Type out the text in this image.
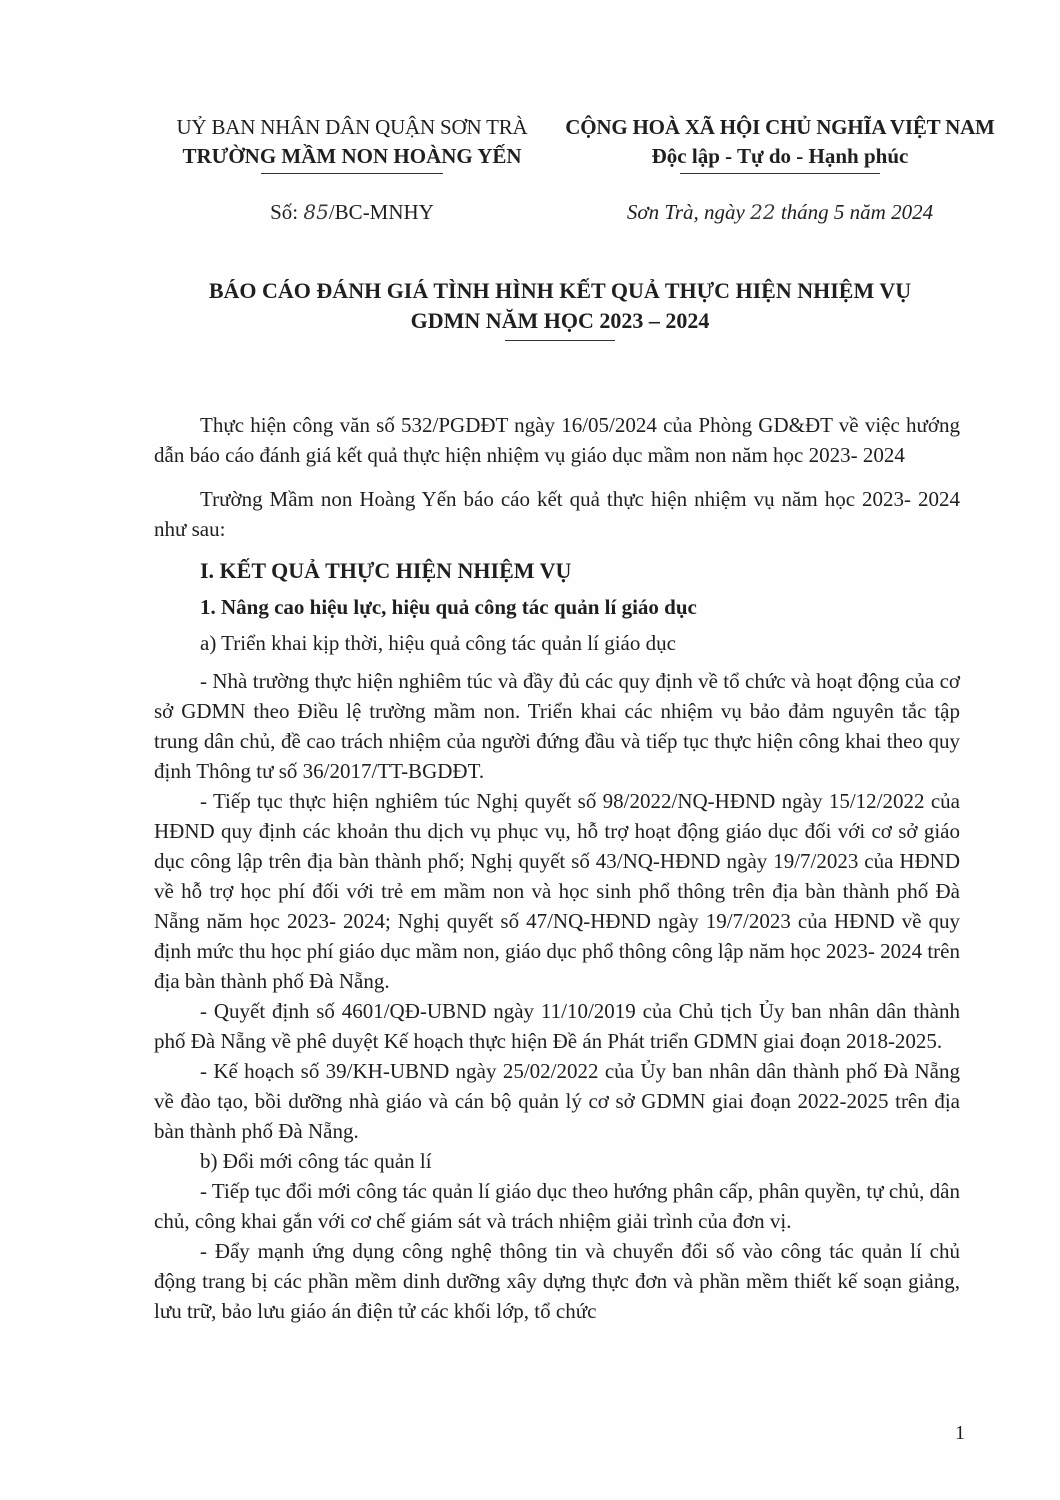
UỶ BAN NHÂN DÂN QUẬN SƠN TRÀ
TRƯỜNG MẦM NON HOÀNG YẾN
CỘNG HOÀ XÃ HỘI CHỦ NGHĨA VIỆT NAM
Độc lập - Tự do - Hạnh phúc
Số: 85/BC-MNHY	Sơn Trà, ngày 22 tháng 5 năm 2024
BÁO CÁO ĐÁNH GIÁ TÌNH HÌNH KẾT QUẢ THỰC HIỆN NHIỆM VỤ
GDMN NĂM HỌC 2023 – 2024

Thực hiện công văn số 532/PGDĐT ngày 16/05/2024 của Phòng GD&ĐT về việc hướng dẫn báo cáo đánh giá kết quả thực hiện nhiệm vụ giáo dục mầm non năm học 2023- 2024

Trường Mầm non Hoàng Yến báo cáo kết quả thực hiện nhiệm vụ năm học 2023- 2024 như sau:

I. KẾT QUẢ THỰC HIỆN NHIỆM VỤ

1. Nâng cao hiệu lực, hiệu quả công tác quản lí giáo dục

a) Triển khai kịp thời, hiệu quả công tác quản lí giáo dục

- Nhà trường thực hiện nghiêm túc và đầy đủ các quy định về tổ chức và hoạt động của cơ sở GDMN theo Điều lệ trường mầm non. Triển khai các nhiệm vụ bảo đảm nguyên tắc tập trung dân chủ, đề cao trách nhiệm của người đứng đầu và tiếp tục thực hiện công khai theo quy định Thông tư số 36/2017/TT-BGDĐT.

- Tiếp tục thực hiện nghiêm túc Nghị quyết số 98/2022/NQ-HĐND ngày 15/12/2022 của HĐND quy định các khoản thu dịch vụ phục vụ, hỗ trợ hoạt động giáo dục đối với cơ sở giáo dục công lập trên địa bàn thành phố; Nghị quyết số 43/NQ-HĐND ngày 19/7/2023 của HĐND về hỗ trợ học phí đối với trẻ em mầm non và học sinh phổ thông trên địa bàn thành phố Đà Nẵng năm học 2023- 2024; Nghị quyết số 47/NQ-HĐND ngày 19/7/2023 của HĐND về quy định mức thu học phí giáo dục mầm non, giáo dục phổ thông công lập năm học 2023- 2024 trên địa bàn thành phố Đà Nẵng.

- Quyết định số 4601/QĐ-UBND ngày 11/10/2019 của Chủ tịch Ủy ban nhân dân thành phố Đà Nẵng về phê duyệt Kế hoạch thực hiện Đề án Phát triển GDMN giai đoạn 2018-2025.

- Kế hoạch số 39/KH-UBND ngày 25/02/2022 của Ủy ban nhân dân thành phố Đà Nẵng về đào tạo, bồi dưỡng nhà giáo và cán bộ quản lý cơ sở GDMN giai đoạn 2022-2025 trên địa bàn thành phố Đà Nẵng.

b) Đổi mới công tác quản lí

- Tiếp tục đổi mới công tác quản lí giáo dục theo hướng phân cấp, phân quyền, tự chủ, dân chủ, công khai gắn với cơ chế giám sát và trách nhiệm giải trình của đơn vị.

- Đẩy mạnh ứng dụng công nghệ thông tin và chuyển đổi số vào công tác quản lí chủ động trang bị các phần mềm dinh dưỡng xây dựng thực đơn và phần mềm thiết kế soạn giảng, lưu trữ, bảo lưu giáo án điện tử các khối lớp, tổ chức

1
